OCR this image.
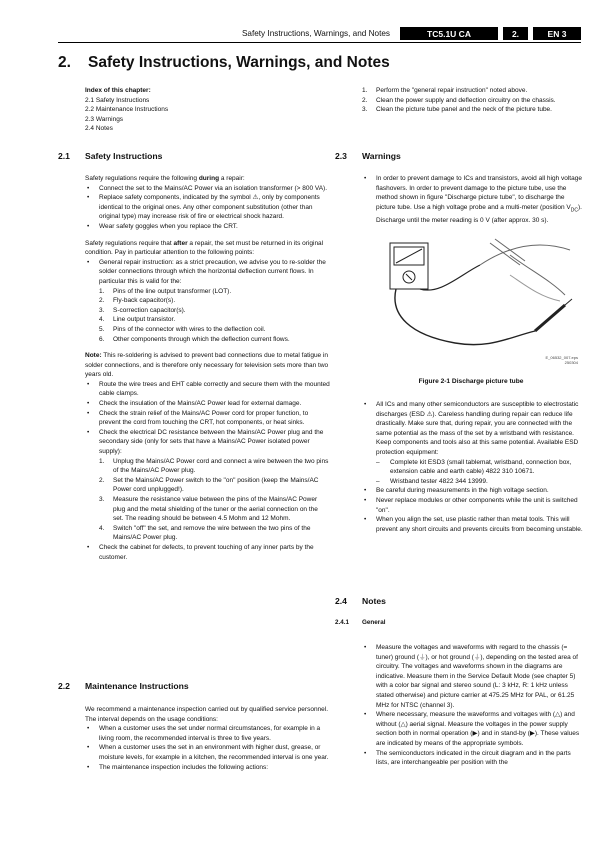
Safety Instructions, Warnings, and Notes	TC5.1U CA	2.	EN 3
2. Safety Instructions, Warnings, and Notes
Index of this chapter:
2.1 Safety Instructions
2.2 Maintenance Instructions
2.3 Warnings
2.4 Notes
2.1 Safety Instructions

Safety regulations require the following during a repair:

• Connect the set to the Mains/AC Power via an isolation transformer (> 800 VA).
• Replace safety components, indicated by the symbol ⚠, only by components identical to the original ones. Any other component substitution (other than original type) may increase risk of fire or electrical shock hazard.
• Wear safety goggles when you replace the CRT.

Safety regulations require that after a repair, the set must be returned in its original condition. Pay in particular attention to the following points:

• General repair instruction: as a strict precaution, we advise you to re-solder the solder connections through which the horizontal deflection current flows. In particular this is valid for the:
1. Pins of the line output transformer (LOT).
2. Fly-back capacitor(s).
3. S-correction capacitor(s).
4. Line output transistor.
5. Pins of the connector with wires to the deflection coil.
6. Other components through which the deflection current flows.

Note: This re-soldering is advised to prevent bad connections due to metal fatigue in solder connections, and is therefore only necessary for television sets more than two years old.

• Route the wire trees and EHT cable correctly and secure them with the mounted cable clamps.
• Check the insulation of the Mains/AC Power lead for external damage.
• Check the strain relief of the Mains/AC Power cord for proper function, to prevent the cord from touching the CRT, hot components, or heat sinks.
• Check the electrical DC resistance between the Mains/AC Power plug and the secondary side (only for sets that have a Mains/AC Power isolated power supply):
1. Unplug the Mains/AC Power cord and connect a wire between the two pins of the Mains/AC Power plug.
2. Set the Mains/AC Power switch to the "on" position (keep the Mains/AC Power cord unplugged!).
3. Measure the resistance value between the pins of the Mains/AC Power plug and the metal shielding of the tuner or the aerial connection on the set. The reading should be between 4.5 Mohm and 12 Mohm.
4. Switch "off" the set, and remove the wire between the two pins of the Mains/AC Power plug.
• Check the cabinet for defects, to prevent touching of any inner parts by the customer.
2.2 Maintenance Instructions

We recommend a maintenance inspection carried out by qualified service personnel. The interval depends on the usage conditions:

• When a customer uses the set under normal circumstances, for example in a living room, the recommended interval is three to five years.
• When a customer uses the set in an environment with higher dust, grease, or moisture levels, for example in a kitchen, the recommended interval is one year.
• The maintenance inspection includes the following actions:
1. Perform the "general repair instruction" noted above.
2. Clean the power supply and deflection circuitry on the chassis.
3. Clean the picture tube panel and the neck of the picture tube.
2.3 Warnings
• In order to prevent damage to ICs and transistors, avoid all high voltage flashovers. In order to prevent damage to the picture tube, use the method shown in figure "Discharge picture tube", to discharge the picture tube. Use a high voltage probe and a multi-meter (position $V_{DC}$). Discharge until the meter reading is 0 V (after approx. 30 s).
E_06532_007.eps
250304
Figure 2-1 Discharge picture tube
• All ICs and many other semiconductors are susceptible to electrostatic discharges (ESD ⚠). Careless handling during repair can reduce life drastically. Make sure that, during repair, you are connected with the same potential as the mass of the set by a wristband with resistance. Keep components and tools also at this same potential. Available ESD protection equipment:
– Complete kit ESD3 (small tablemat, wristband, connection box, extension cable and earth cable) 4822 310 10671.
– Wristband tester 4822 344 13999.
• Be careful during measurements in the high voltage section.
• Never replace modules or other components while the unit is switched "on".
• When you align the set, use plastic rather than metal tools. This will prevent any short circuits and prevents circuits from becoming unstable.
2.4 Notes
2.4.1 General
• Measure the voltages and waveforms with regard to the chassis (= tuner) ground (⏚), or hot ground (⏚), depending on the tested area of circuitry. The voltages and waveforms shown in the diagrams are indicative. Measure them in the Service Default Mode (see chapter 5) with a color bar signal and stereo sound (L: 3 kHz, R: 1 kHz unless stated otherwise) and picture carrier at 475.25 MHz for PAL, or 61.25 MHz for NTSC (channel 3).
• Where necessary, measure the waveforms and voltages with (△) and without (△) aerial signal. Measure the voltages in the power supply section both in normal operation (▶) and in stand-by (▶). These values are indicated by means of the appropriate symbols.
• The semiconductors indicated in the circuit diagram and in the parts lists, are interchangeable per position with the
